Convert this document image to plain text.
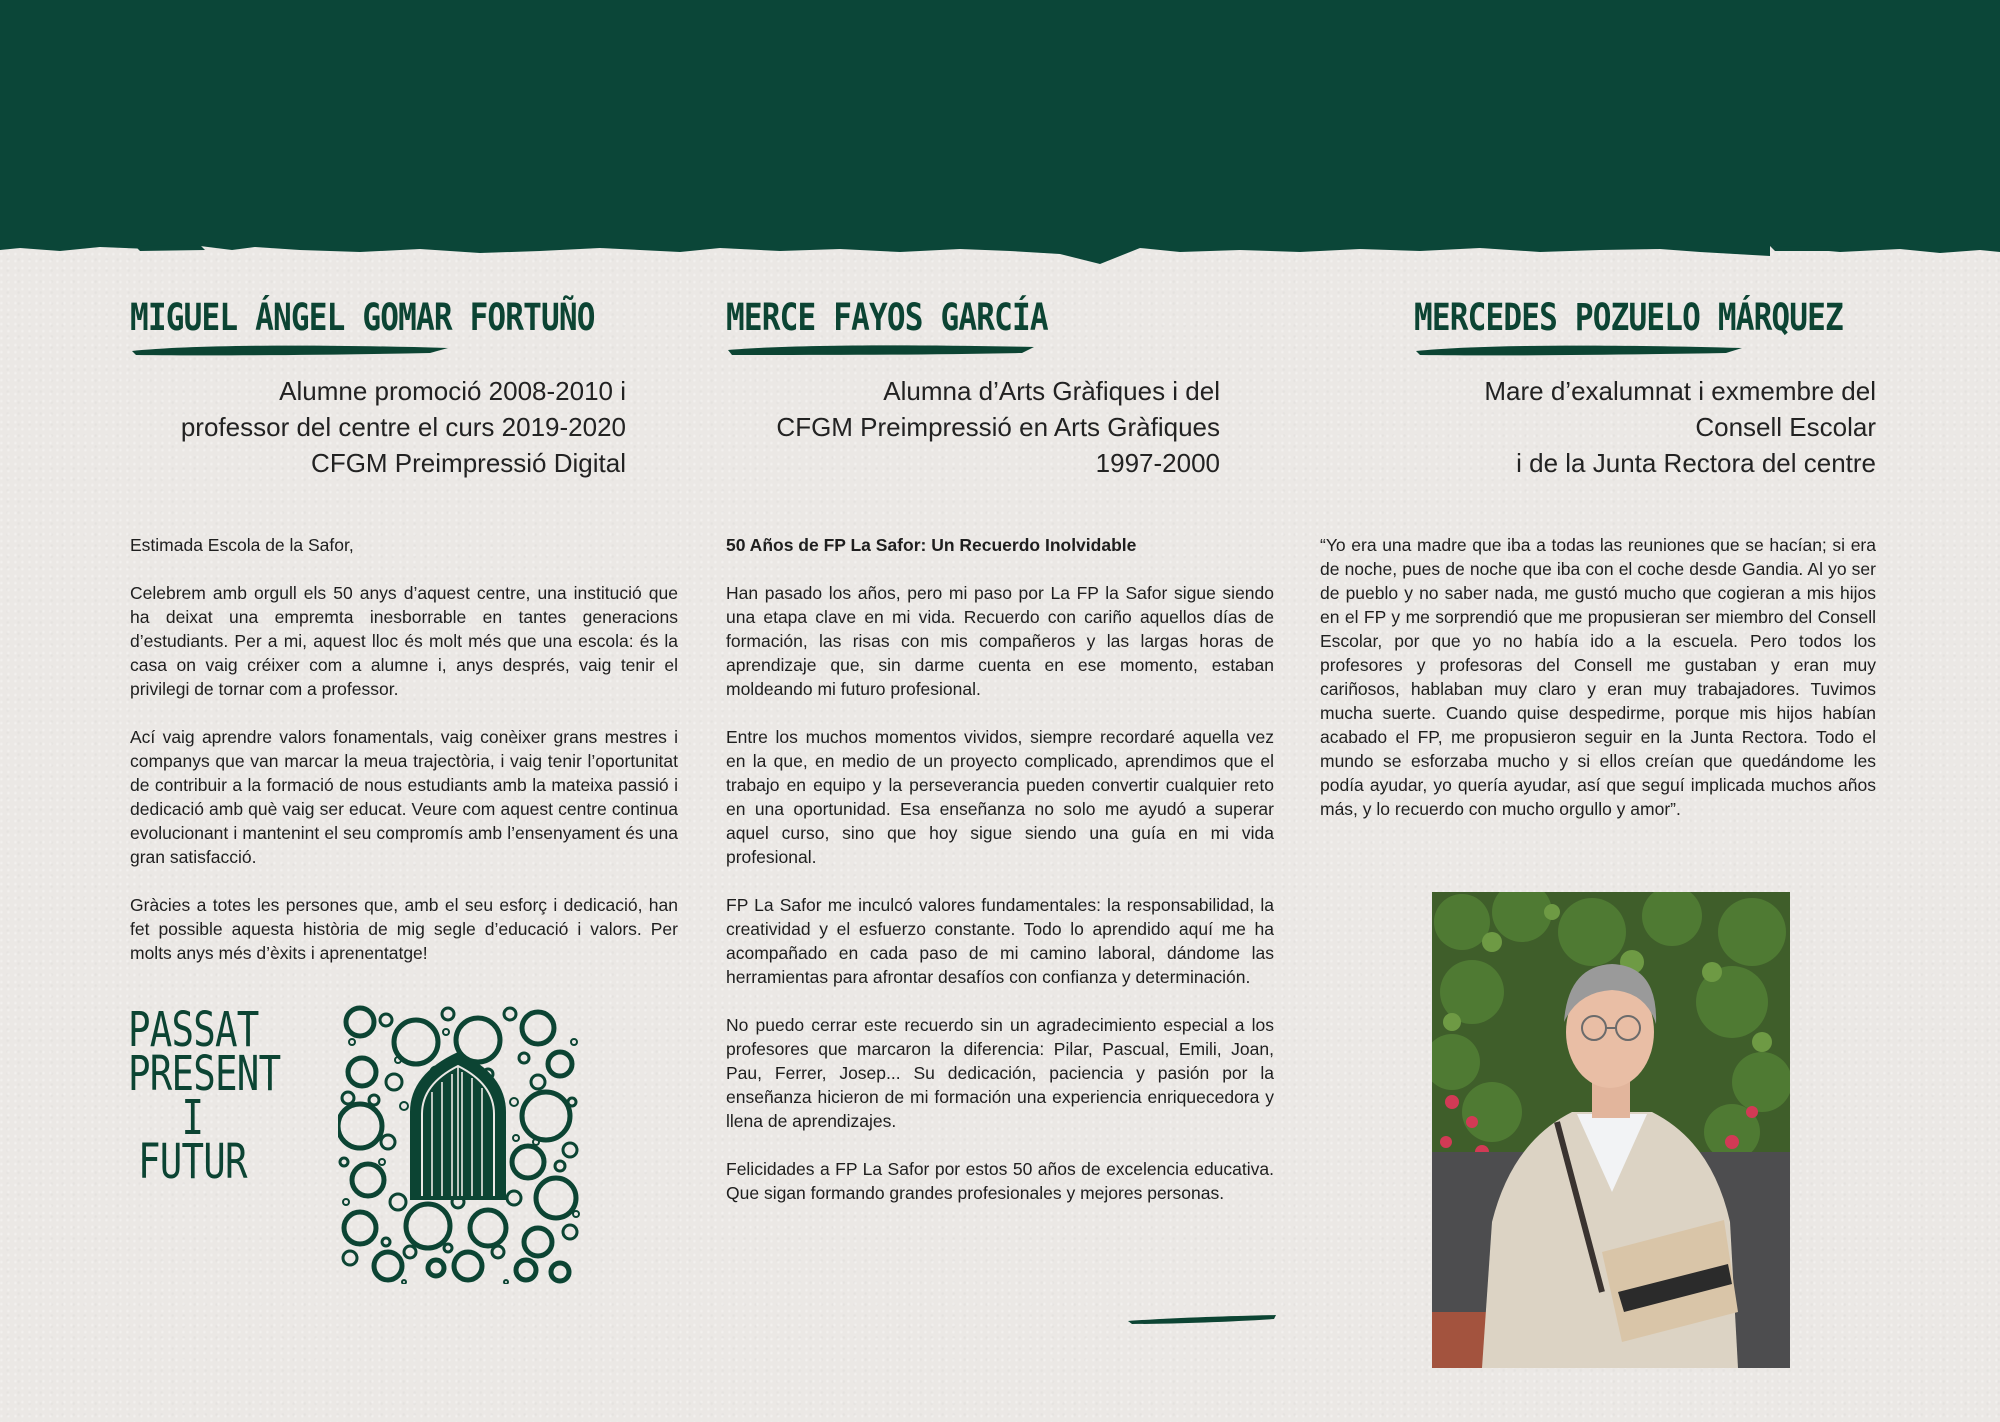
MIGUEL ÁNGEL GOMAR FORTUÑO
Alumne promoció 2008-2010 i
professor del centre el curs 2019-2020
CFGM Preimpressió Digital

Estimada Escola de la Safor,

Celebrem amb orgull els 50 anys d’aquest centre, una institució que ha deixat una empremta inesborrable en tantes generacions d’estudiants. Per a mi, aquest lloc és molt més que una escola: és la casa on vaig créixer com a alumne i, anys després, vaig tenir el privilegi de tornar com a professor.

Ací vaig aprendre valors fonamentals, vaig conèixer grans mestres i companys que van marcar la meua trajectòria, i vaig tenir l’oportunitat de contribuir a la formació de nous estudiants amb la mateixa passió i dedicació amb què vaig ser educat. Veure com aquest centre continua evolucionant i mantenint el seu compromís amb l’ensenyament és una gran satisfacció.

Gràcies a totes les persones que, amb el seu esforç i dedicació, han fet possible aquesta història de mig segle d’educació i valors. Per molts anys més d’èxits i aprenentatge!

PASSAT
PRESENT
I FUTUR
MERCE FAYOS GARCÍA
Alumna d’Arts Gràfiques i del
CFGM Preimpressió en Arts Gràfiques
1997-2000

50 Años de FP La Safor: Un Recuerdo Inolvidable

Han pasado los años, pero mi paso por La FP la Safor sigue siendo una etapa clave en mi vida. Recuerdo con cariño aquellos días de formación, las risas con mis compañeros y las largas horas de aprendizaje que, sin darme cuenta en ese momento, estaban moldeando mi futuro profesional.

Entre los muchos momentos vividos, siempre recordaré aquella vez en la que, en medio de un proyecto complicado, aprendimos que el trabajo en equipo y la perseverancia pueden convertir cualquier reto en una oportunidad. Esa enseñanza no solo me ayudó a superar aquel curso, sino que hoy sigue siendo una guía en mi vida profesional.

FP La Safor me inculcó valores fundamentales: la responsabilidad, la creatividad y el esfuerzo constante. Todo lo aprendido aquí me ha acompañado en cada paso de mi camino laboral, dándome las herramientas para afrontar desafíos con confianza y determinación.

No puedo cerrar este recuerdo sin un agradecimiento especial a los profesores que marcaron la diferencia: Pilar, Pascual, Emili, Joan, Pau, Ferrer, Josep... Su dedicación, paciencia y pasión por la enseñanza hicieron de mi formación una experiencia enriquecedora y llena de aprendizajes.

Felicidades a FP La Safor por estos 50 años de excelencia educativa. Que sigan formando grandes profesionales y mejores personas.

MERCEDES POZUELO MÁRQUEZ
Mare d’exalumnat i exmembre del
Consell Escolar
i de la Junta Rectora del centre

“Yo era una madre que iba a todas las reuniones que se hacían; si era de noche, pues de noche que iba con el coche desde Gandia. Al yo ser de pueblo y no saber nada, me gustó mucho que cogieran a mis hijos en el FP y me sorprendió que me propusieran ser miembro del Consell Escolar, por que yo no había ido a la escuela. Pero todos los profesores y profesoras del Consell me gustaban y eran muy cariñosos, hablaban muy claro y eran muy trabajadores. Tuvimos mucha suerte. Cuando quise despedirme, porque mis hijos habían acabado el FP, me propusieron seguir en la Junta Rectora. Todo el mundo se esforzaba mucho y si ellos creían que quedándome les podía ayudar, yo quería ayudar, así que seguí implicada muchos años más, y lo recuerdo con mucho orgullo y amor”.
